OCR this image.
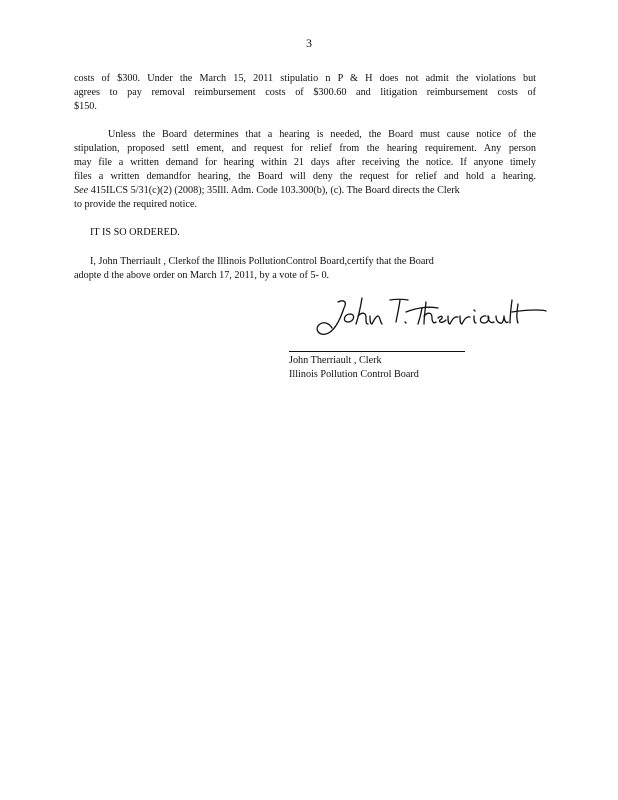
3
costs of $300. Under the March 15, 2011 stipulatio n P & H does not admit the violations but
agrees to pay removal reimbursement costs of $300.60 and litigation reimbursement costs of
$150.
Unless the Board determines that a hearing is needed, the Board must cause notice of the
stipulation, proposed settl ement, and request for relief from the hearing requirement. Any person
may file a written demand for hearing within 21 days after receiving the notice. If anyone timely
files a written demandfor hearing, the Board will deny the request for relief and hold a hearing.
See 415ILCS 5/31(c)(2) (2008); 35Ill. Adm. Code 103.300(b), (c). The Board directs the Clerk
to provide the required notice.
IT IS SO ORDERED.
I, John Therriault , Clerkof the Illinois PollutionControl Board,certify that the Board
adopte d the above order on March 17, 2011, by a vote of 5- 0.
John Therriault , Clerk
Illinois Pollution Control Board
